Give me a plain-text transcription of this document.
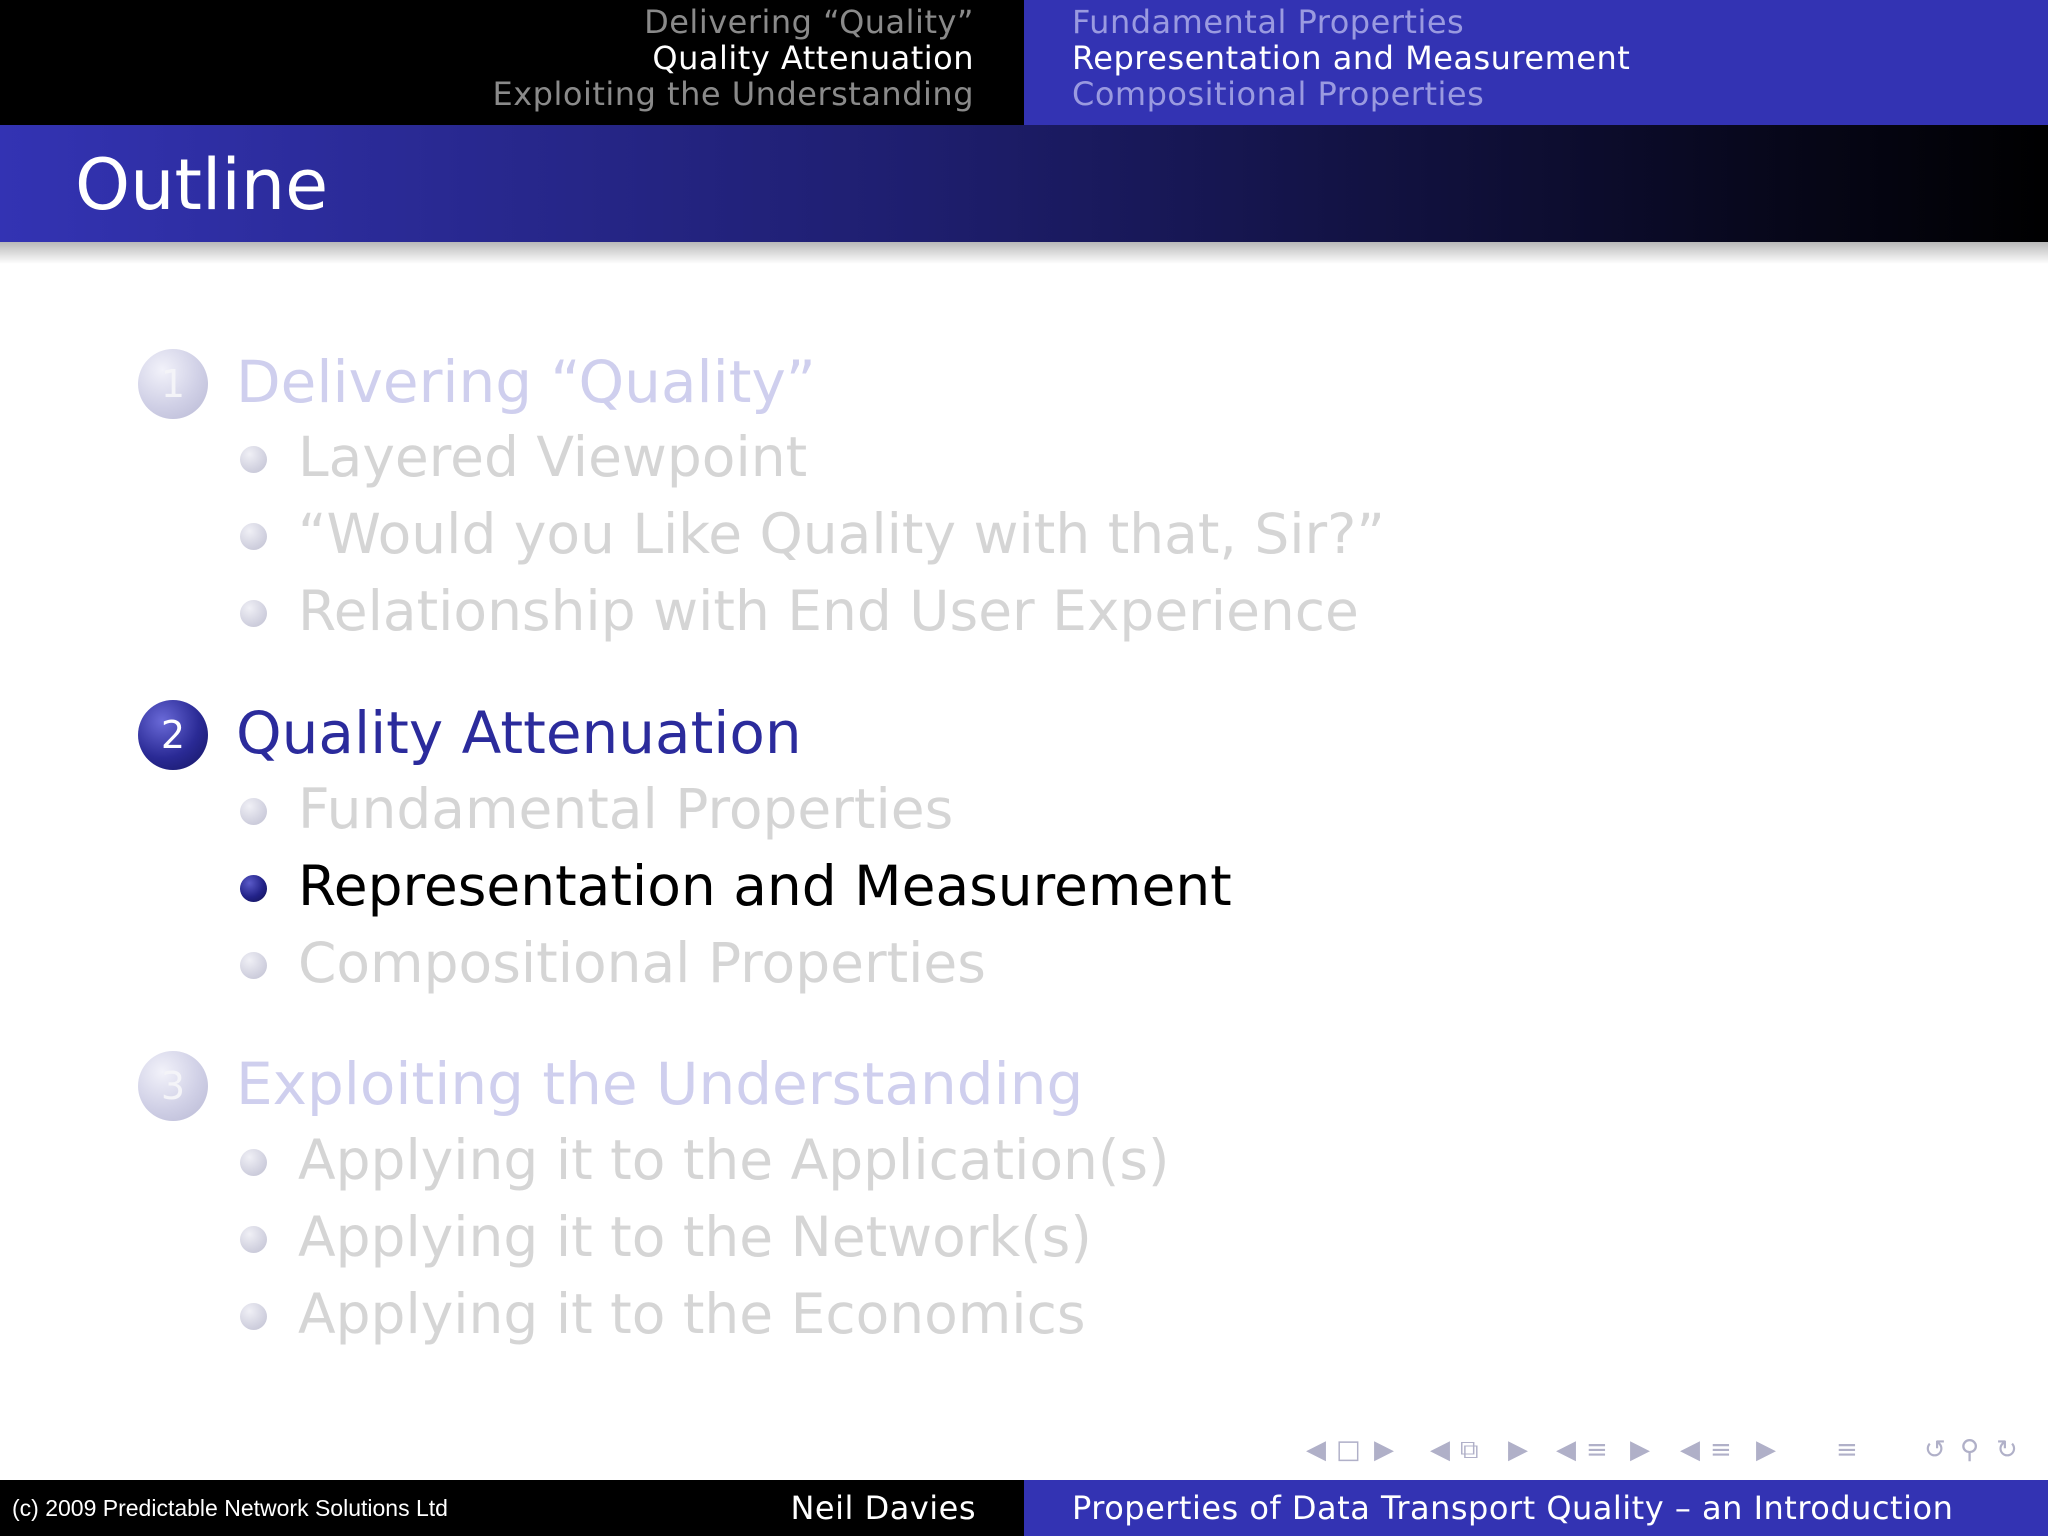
Delivering “Quality”
Quality Attenuation
Exploiting the Understanding
Fundamental Properties
Representation and Measurement
Compositional Properties
Outline
1 Delivering “Quality”
Layered Viewpoint
“Would you Like Quality with that, Sir?”
Relationship with End User Experience
2 Quality Attenuation
Fundamental Properties
Representation and Measurement
Compositional Properties
3 Exploiting the Understanding
Applying it to the Application(s)
Applying it to the Network(s)
Applying it to the Economics
◀ □ ▶ ◀ ⧉ ▶ ◀ ≡ ▶ ◀ ≡ ▶ ≡	↺ ⚲ ↻
(c) 2009 Predictable Network Solutions Ltd	Neil Davies	Properties of Data Transport Quality – an Introduction
